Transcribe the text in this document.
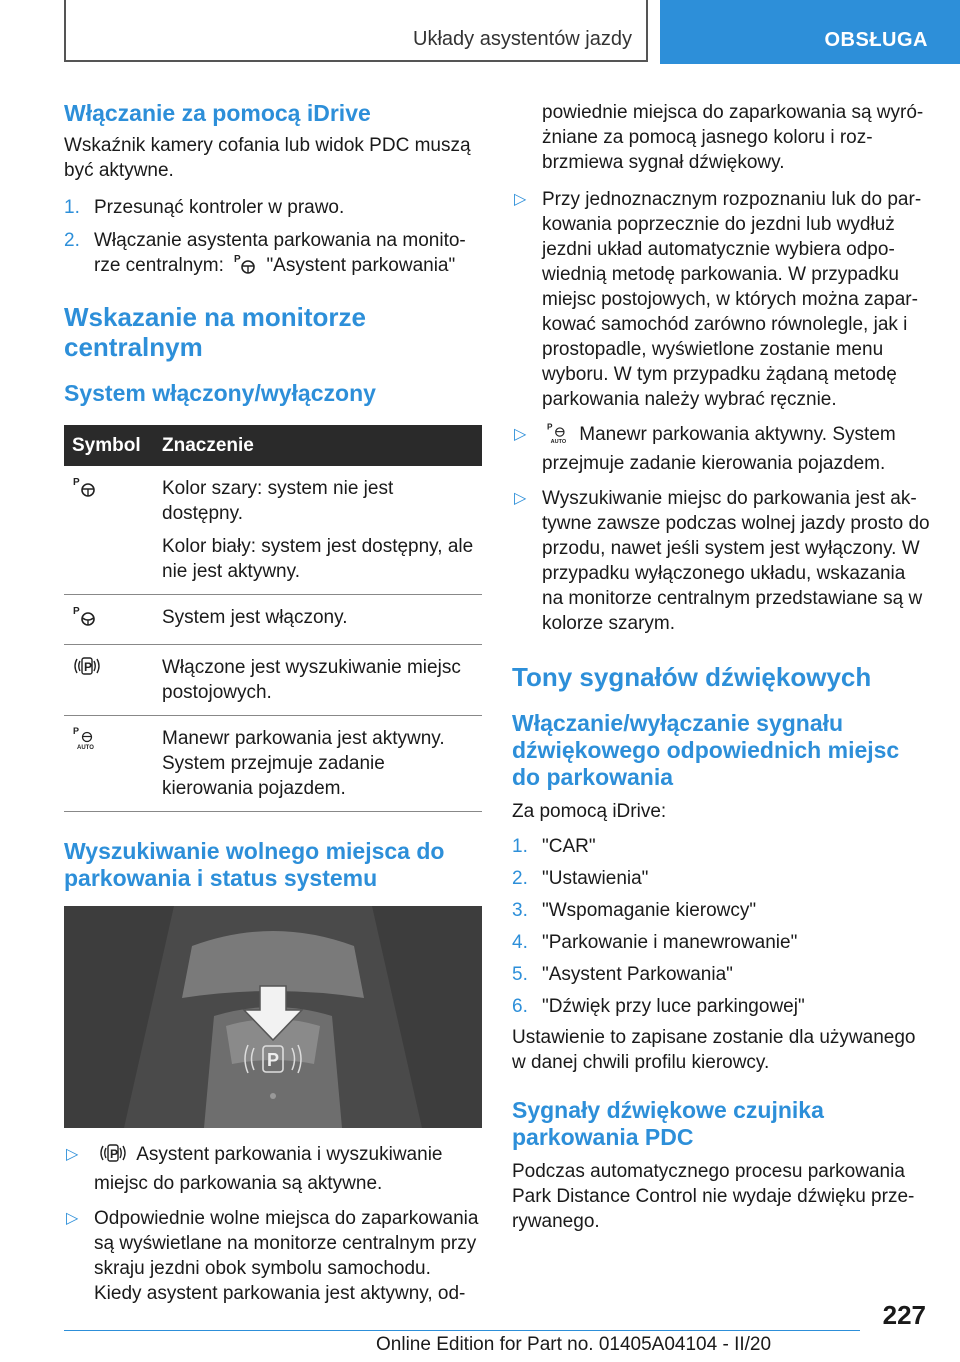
Układy asystentów jazdy	OBSŁUGA
Włączanie za pomocą iDrive

Wskaźnik kamery cofania lub widok PDC muszą być aktywne.

1. Przesunąć kontroler w prawo.
2. Włączanie asystenta parkowania na monitorze centralnym: P "Asystent parkowania"
Wskazanie na monitorze centralnym
System włączony/wyłączony
Symbol	Znaczenie

P	Kolor szary: system nie jest dostępny.

Kolor biały: system jest dostępny, ale nie jest aktywny.

P	System jest włączony.

P	Włączone jest wyszukiwanie miejsc postojowych.

P
AUTO	Manewr parkowania jest aktywny. System przejmuje zadanie kierowania pojazdem.

Wyszukiwanie wolnego miejsca do parkowania i status systemu
P
▷	P Asystent parkowania i wyszukiwanie miejsc do parkowania są aktywne.
▷ Odpowiednie wolne miejsca do zaparkowania są wyświetlane na monitorze centralnym przy skraju jezdni obok symbolu samochodu. Kiedy asystent parkowania jest aktywny, od-

powiednie miejsca do zaparkowania są wyróżniane za pomocą jasnego koloru i rozbrzmiewa sygnał dźwiękowy.

▷ Przy jednoznacznym rozpoznaniu luk do parkowania poprzecznie do jezdni lub wydłuż jezdni układ automatycznie wybiera odpowiednią metodę parkowania. W przypadku miejsc postojowych, w których można zaparkować samochód zarówno równolegle, jak i prostopadle, wyświetlone zostanie menu wyboru. W tym przypadku żądaną metodę parkowania należy wybrać ręcznie.
▷ P
AUTO Manewr parkowania aktywny. System przejmuje zadanie kierowania pojazdem.
▷ Wyszukiwanie miejsc do parkowania jest aktywne zawsze podczas wolnej jazdy prosto do przodu, nawet jeśli system jest wyłączony. W przypadku wyłączonego układu, wskazania na monitorze centralnym przedstawiane są w kolorze szarym.
Tony sygnałów dźwiękowych
Włączanie/wyłączanie sygnału dźwiękowego odpowiednich miejsc do parkowania

Za pomocą iDrive:

1. "CAR"
2. "Ustawienia"
3. "Wspomaganie kierowcy"
4. "Parkowanie i manewrowanie"
5. "Asystent Parkowania"
6. "Dźwięk przy luce parkingowej"

Ustawienie to zapisane zostanie dla używanego w danej chwili profilu kierowcy.

Sygnały dźwiękowe czujnika parkowania PDC

Podczas automatycznego procesu parkowania Park Distance Control nie wydaje dźwięku przerywanego.

227
Online Edition for Part no. 01405A04104 - II/20
